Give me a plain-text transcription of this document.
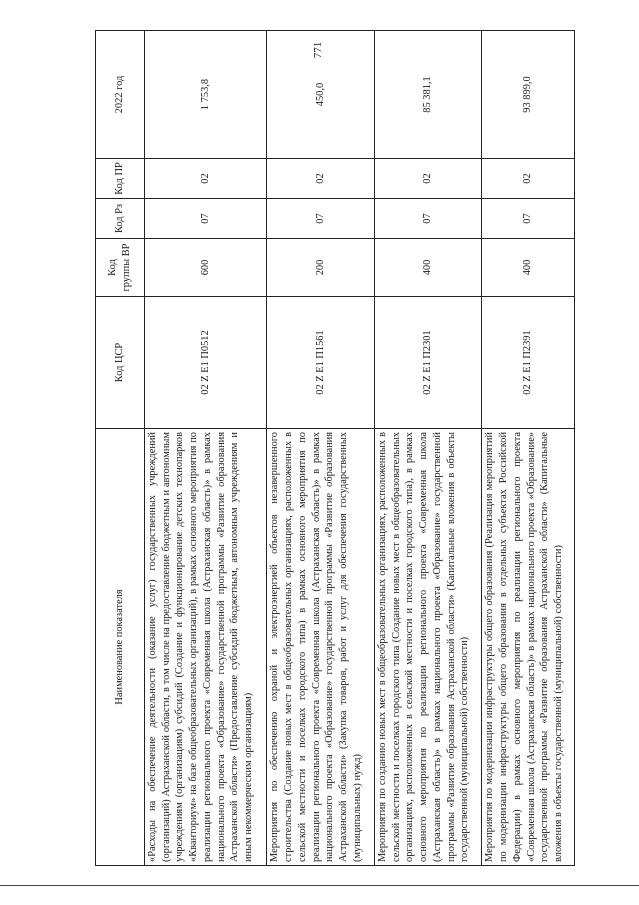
771
Наименование показателя	Код ЦСР	Код группы ВР	Код Рз	Код ПР	2022 год
«Расходы на обеспечение деятельности (оказание услуг) государственных учреждений (организаций) Астраханской области, в том числе на предоставление бюджетным и автономным учреждениям (организациям) субсидий (Создание и функционирование детских технопарков «Кванториум» на базе общеобразовательных организаций), в рамках основного мероприятия по реализации регионального проекта «Современная школа (Астраханская область)» в рамках национального проекта «Образование» государственной программы «Развитие образования Астраханской области» (Предоставление субсидий бюджетным, автономным учреждениям и иным некоммерческим организациям)	02 Z E1 П0512	600	07	02	1 753,8
Мероприятия по обеспечению охраной и электроэнергией объектов незавершенного строительства (Создание новых мест в общеобразовательных организациях, расположенных в сельской местности и поселках городского типа) в рамках основного мероприятия по реализации регионального проекта «Современная школа (Астраханская область)» в рамках национального проекта «Образование» государственной программы «Развитие образования Астраханской области» (Закупка товаров, работ и услуг для обеспечения государственных (муниципальных) нужд)	02 Z E1 П1561	200	07	02	450,0
Мероприятия по созданию новых мест в общеобразовательных организациях, расположенных в сельской местности и поселках городского типа (Создание новых мест в общеобразовательных организациях, расположенных в сельской местности и поселках городского типа), в рамках основного мероприятия по реализации регионального проекта «Современная школа (Астраханская область)» в рамках национального проекта «Образование» государственной программы «Развитие образования Астраханской области» (Капитальные вложения в объекты государственной (муниципальной) собственности)	02 Z E1 П2301	400	07	02	85 381,1
Мероприятия по модернизации инфраструктуры общего образования (Реализация мероприятий по модернизации инфраструктуры общего образования в отдельных субъектах Российской Федерации) в рамках основного мероприятия по реализации регионального проекта «Современная школа (Астраханская область)» в рамках национального проекта «Образование» государственной программы «Развитие образования Астраханской области» (Капитальные вложения в объекты государственной (муниципальной) собственности)	02 Z E1 П2391	400	07	02	93 899,0
